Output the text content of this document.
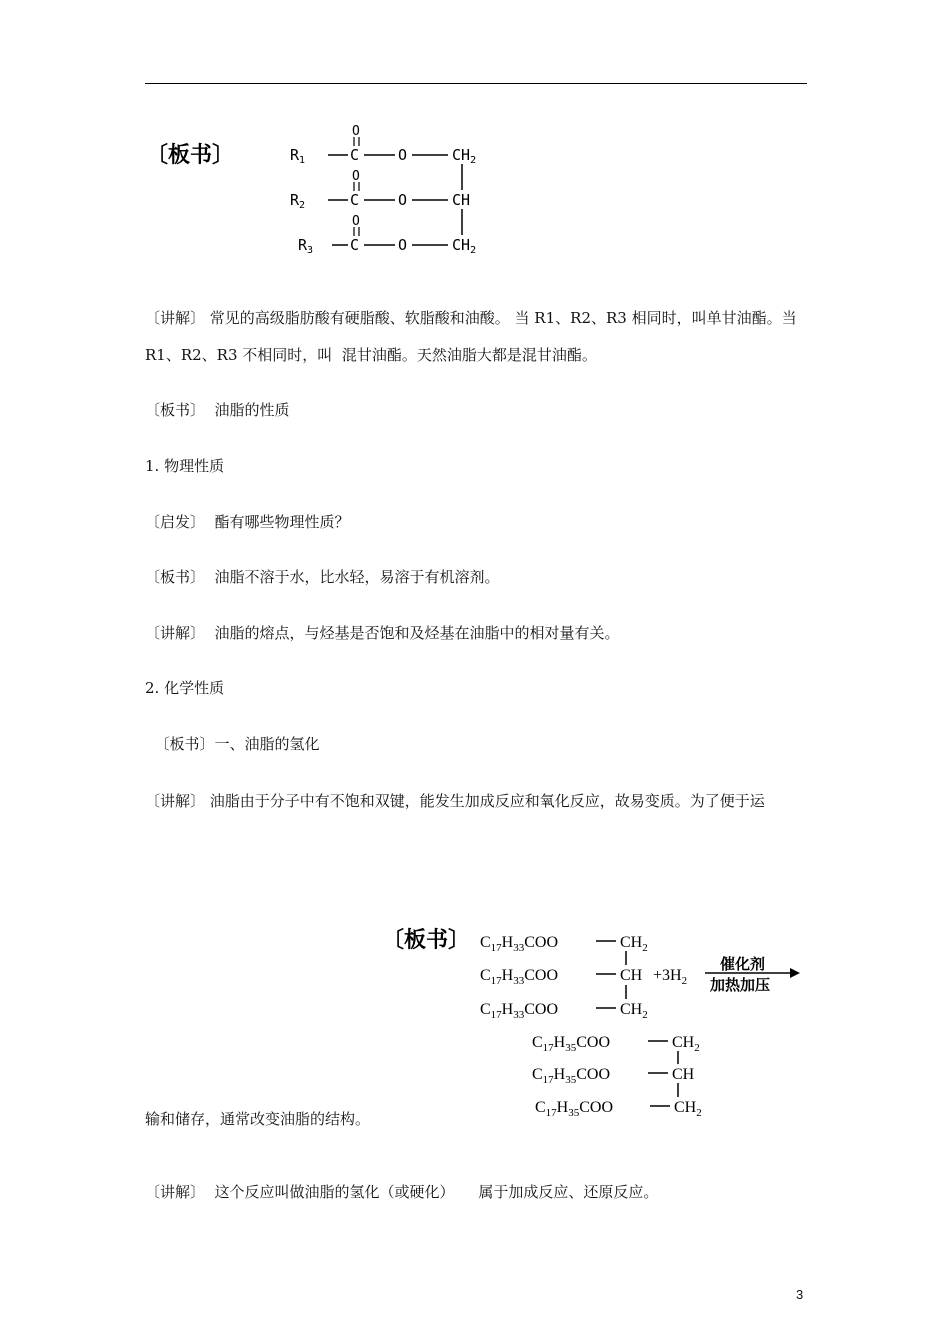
〔板书〕	$R_1$	C	O	$CH_2$
O
$R_2$	C	O	CH
O
$R_3$ C	O	$CH_2$
O
〔讲解〕 常见的高级脂肪酸有硬脂酸、软脂酸和油酸。 当 R1、R2、R3 相同时，叫单甘油酯。当
R1、R2、R3 不相同时，叫  混甘油酯。天然油脂大都是混甘油酯。
〔板书〕  油脂的性质
1. 物理性质
〔启发〕  酯有哪些物理性质？
〔板书〕  油脂不溶于水，比水轻，易溶于有机溶剂。
〔讲解〕  油脂的熔点，与烃基是否饱和及烃基在油脂中的相对量有关。
2. 化学性质
〔板书〕一、油脂的氢化
〔讲解〕 油脂由于分子中有不饱和双键，能发生加成反应和氧化反应，故易变质。为了便于运
〔板书〕 $C_{17}H_{33}COO$	$CH_2$
$C_{17}H_{33}COO$	CH $+3H_2$
$C_{17}H_{33}COO$	$CH_2$
催化剂
加热加压
$C_{17}H_{35}COO$	$CH_2$
$C_{17}H_{35}COO$	CH
$C_{17}H_{35}COO$	$CH_2$
输和储存，通常改变油脂的结构。
〔讲解〕  这个反应叫做油脂的氢化（或硬化）     属于加成反应、还原反应。
3
